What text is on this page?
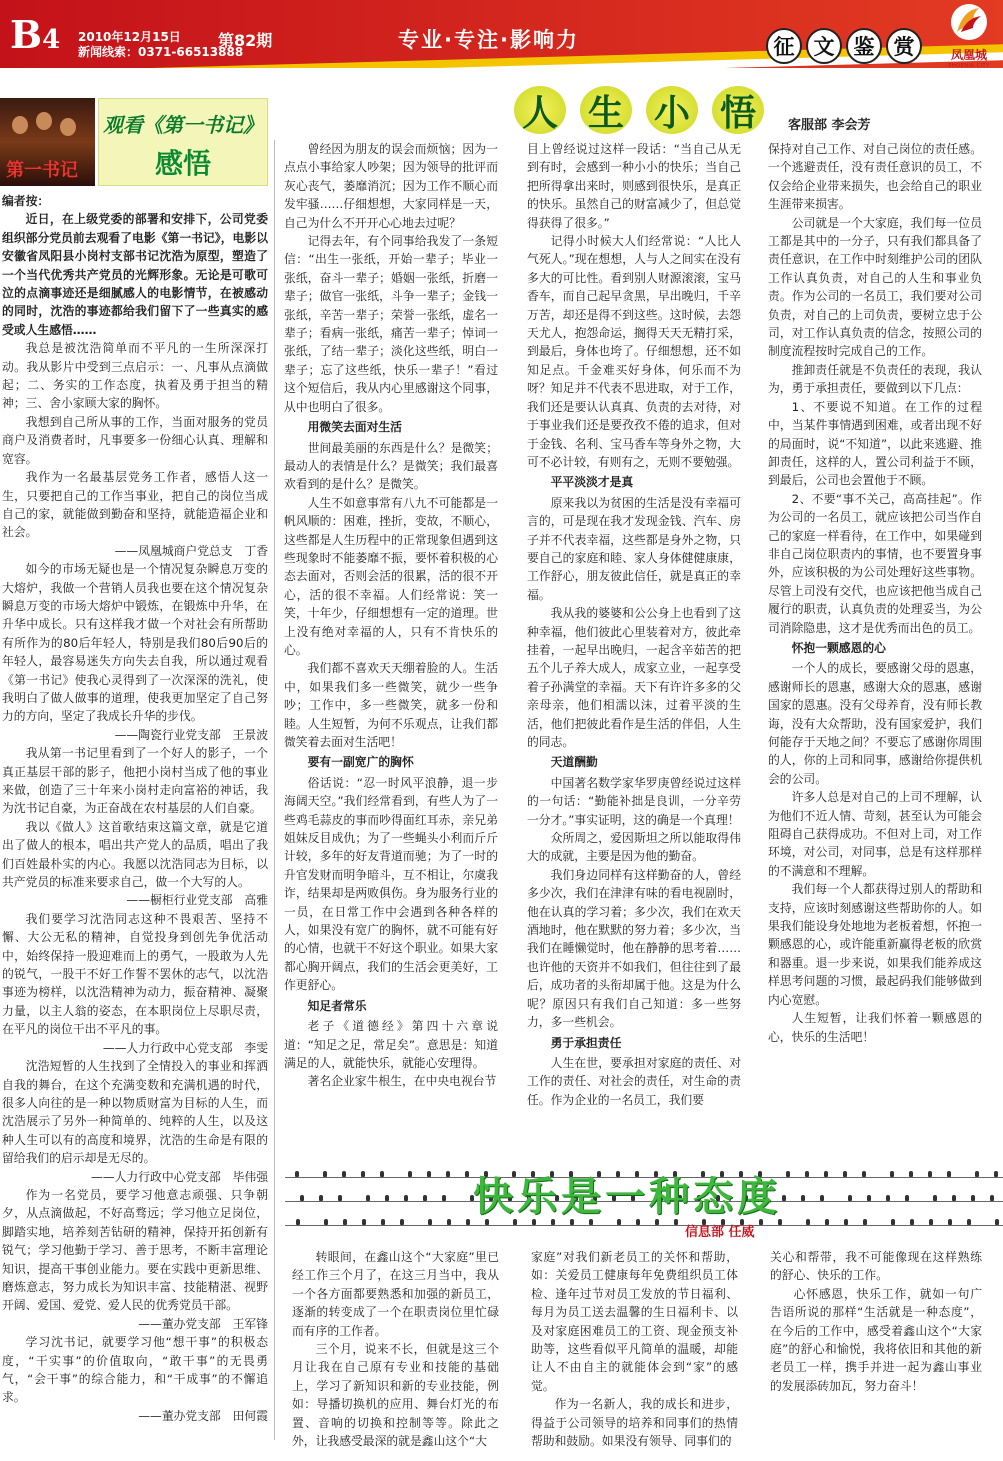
B4 2010年12月15日
新闻线索：0371-66513888
第82期	专业·专注·影响力	征 文 鉴 赏	凤凰城
PHOENIX CITY
第一书记
观看《第一书记》
感悟
编者按：

近日，在上级党委的部署和安排下，公司党委组织部分党员前去观看了电影《第一书记》，电影以安徽省凤阳县小岗村支部书记沈浩为原型，塑造了一个当代优秀共产党员的光辉形象。无论是可歌可泣的点滴事迹还是细腻感人的电影情节，在被感动的同时，沈浩的事迹都给我们留下了一些真实的感受或人生感悟……

我总是被沈浩简单而不平凡的一生所深深打动。我从影片中受到三点启示：一、凡事从点滴做起；二、务实的工作态度，执着及勇于担当的精神；三、舍小家顾大家的胸怀。

我想到自己所从事的工作，当面对服务的党员商户及消费者时，凡事要多一份细心认真、理解和宽容。

我作为一名最基层党务工作者，感悟人这一生，只要把自己的工作当事业，把自己的岗位当成自己的家，就能做到勤奋和坚持，就能造福企业和社会。

——凤凰城商户党总支　丁香

如今的市场无疑也是一个情况复杂瞬息万变的大熔炉，我做一个营销人员我也要在这个情况复杂瞬息万变的市场大熔炉中锻炼，在锻炼中升华，在升华中成长。只有这样我才做一个对社会有所帮助有所作为的80后年轻人，特别是我们80后90后的年轻人，最容易迷失方向失去自我，所以通过观看《第一书记》使我心灵得到了一次深深的洗礼，使我明白了做人做事的道理，使我更加坚定了自己努力的方向，坚定了我成长升华的步伐。

——陶瓷行业党支部　王景波

我从第一书记里看到了一个好人的影子，一个真正基层干部的影子，他把小岗村当成了他的事业来做，创造了三十年来小岗村走向富裕的神话，我为沈书记自豪，为正奋战在农村基层的人们自豪。

我以《做人》这首歌结束这篇文章，就是它道出了做人的根本，唱出共产党人的品质，唱出了我们百姓最朴实的内心。我愿以沈浩同志为目标，以共产党员的标准来要求自己，做一个大写的人。

——橱柜行业党支部　高雅

我们要学习沈浩同志这种不畏艰苦、坚持不懈、大公无私的精神，自觉投身到创先争优活动中，始终保持一股迎难而上的勇气，一股敢为人先的锐气，一股干不好工作誓不罢休的志气，以沈浩事迹为榜样，以沈浩精神为动力，振奋精神、凝聚力量，以主人翁的姿态，在本职岗位上尽职尽责，在平凡的岗位干出不平凡的事。

——人力行政中心党支部　李雯

沈浩短暂的人生找到了全情投入的事业和挥洒自我的舞台，在这个充满变数和充满机遇的时代，很多人向往的是一种以物质财富为目标的人生，而沈浩展示了另外一种简单的、纯粹的人生，以及这种人生可以有的高度和境界，沈浩的生命是有限的留给我们的启示却是无尽的。

——人力行政中心党支部　毕伟强

作为一名党员，要学习他意志顽强、只争朝夕，从点滴做起，不好高骛远；学习他立足岗位，脚踏实地，培养刻苦钻研的精神，保持开拓创新有锐气；学习他勤于学习、善于思考，不断丰富理论知识，提高干事创业能力。要在实践中更新思维、磨炼意志，努力成长为知识丰富、技能精湛、视野开阔、爱国、爱党、爱人民的优秀党员干部。

——董办党支部　王军锋

学习沈书记，就要学习他“想干事”的积极态度，“干实事”的价值取向，“敢干事”的无畏勇气，“会干事”的综合能力，和“干成事”的不懈追求。

——董办党支部　田何霞

人 生 小 悟	客服部 李会芳

曾经因为朋友的误会而烦恼；因为一点点小事给家人吵架；因为领导的批评而灰心丧气，萎靡消沉；因为工作不顺心而发牢骚……仔细想想，大家同样是一天，自己为什么不开开心心地去过呢？

记得去年，有个同事给我发了一条短信：“出生一张纸，开始一辈子；毕业一张纸，奋斗一辈子；婚姻一张纸，折磨一辈子；做官一张纸，斗争一辈子；金钱一张纸，辛苦一辈子；荣誉一张纸，虚名一辈子；看病一张纸，痛苦一辈子；悼词一张纸，了结一辈子；淡化这些纸，明白一辈子；忘了这些纸，快乐一辈子！”看过这个短信后，我从内心里感谢这个同事，从中也明白了很多。

用微笑去面对生活

世间最美丽的东西是什么？是微笑；最动人的表情是什么？是微笑；我们最喜欢看到的是什么？是微笑。

人生不如意事常有八九不可能都是一帆风顺的：困难，挫折，变故，不顺心，这些都是人生历程中的正常现象但遇到这些现象时不能萎靡不振，要怀着积极的心态去面对，否则会活的很累，活的很不开心，活的很不幸福。人们经常说：笑一笑，十年少，仔细想想有一定的道理。世上没有绝对幸福的人，只有不肯快乐的心。

我们都不喜欢天天绷着脸的人。生活中，如果我们多一些微笑，就少一些争吵；工作中，多一些微笑，就多一份和睦。人生短暂，为何不乐观点，让我们都微笑着去面对生活吧！

要有一副宽广的胸怀

俗话说：“忍一时风平浪静，退一步海阔天空。”我们经常看到，有些人为了一些鸡毛蒜皮的事而吵得面红耳赤，亲兄弟姐妹反目成仇；为了一些蝇头小利而斤斤计较，多年的好友背道而驰；为了一时的升官发财而明争暗斗，互不相让，尔虞我诈，结果却是两败俱伤。身为服务行业的一员，在日常工作中会遇到各种各样的人，如果没有宽广的胸怀，就不可能有好的心情，也就干不好这个职业。如果大家都心胸开阔点，我们的生活会更美好，工作更舒心。

知足者常乐

老子《道德经》第四十六章说道：“知足之足，常足矣”。意思是：知道满足的人，就能快乐，就能心安理得。

著名企业家牛根生，在中央电视台节

目上曾经说过这样一段话：“当自己从无到有时，会感到一种小小的快乐；当自己把所得拿出来时，则感到很快乐，是真正的快乐。虽然自己的财富减少了，但总觉得获得了很多。”

记得小时候大人们经常说：“人比人气死人。”现在想想，人与人之间实在没有多大的可比性。看到别人财源滚滚，宝马香车，而自己起早贪黑，早出晚归，千辛万苦，却还是得不到这些。这时候，去怨天尤人，抱怨命运，搁得天天无精打采，到最后，身体也垮了。仔细想想，还不如知足点。千金难买好身体，何乐而不为呀？知足并不代表不思进取，对于工作，我们还是要认认真真、负责的去对待，对于事业我们还是要孜孜不倦的追求，但对于金钱、名利、宝马香车等身外之物，大可不必计较，有则有之，无则不要勉强。

平平淡淡才是真

原来我以为贫困的生活是没有幸福可言的，可是现在我才发现金钱、汽车、房子并不代表幸福，这些都是身外之物，只要自己的家庭和睦、家人身体健健康康，工作舒心，朋友彼此信任，就是真正的幸福。

我从我的婆婆和公公身上也看到了这种幸福，他们彼此心里装着对方，彼此牵挂着，一起早出晚归，一起含辛茹苦的把五个儿子养大成人，成家立业，一起享受着子孙满堂的幸福。天下有许许多多的父亲母亲，他们相濡以沫，过着平淡的生活，他们把彼此看作是生活的伴侣，人生的同志。

天道酬勤

中国著名数学家华罗庚曾经说过这样的一句话：“勤能补拙是良训，一分辛劳一分才。”事实证明，这的确是一个真理！

众所周之，爱因斯坦之所以能取得伟大的成就，主要是因为他的勤奋。

我们身边同样有这样勤奋的人，曾经多少次，我们在津津有味的看电视剧时，他在认真的学习着；多少次，我们在欢天酒地时，他在默默的努力着；多少次，当我们在睡懒觉时，他在静静的思考着……也许他的天资并不如我们，但往往到了最后，成功者的头衔却属于他。这是为什么呢？原因只有我们自己知道：多一些努力，多一些机会。

勇于承担责任

人生在世，要承担对家庭的责任、对工作的责任、对社会的责任，对生命的责任。作为企业的一名员工，我们要

保持对自己工作、对自己岗位的责任感。一个逃避责任，没有责任意识的员工，不仅会给企业带来损失，也会给自己的职业生涯带来损害。

公司就是一个大家庭，我们每一位员工都是其中的一分子，只有我们都具备了责任意识，在工作中时刻维护公司的团队工作认真负责，对自己的人生和事业负责。作为公司的一名员工，我们要对公司负责，对自己的上司负责，要树立忠于公司，对工作认真负责的信念，按照公司的制度流程按时完成自己的工作。

推卸责任就是不负责任的表现，我认为，勇于承担责任，要做到以下几点：

1、不要说不知道。在工作的过程中，当某件事情遇到困难，或者出现不好的局面时，说“不知道”，以此来逃避、推卸责任，这样的人，置公司利益于不顾，到最后，公司也会置他于不顾。

2、不要“事不关己，高高挂起”。作为公司的一名员工，就应该把公司当作自己的家庭一样看待，在工作中，如果碰到非自己岗位职责内的事情，也不要置身事外，应该积极的为公司处理好这些事物。尽管上司没有交代，也应该把他当成自己履行的职责，认真负责的处理妥当，为公司消除隐患，这才是优秀而出色的员工。

怀抱一颗感恩的心

一个人的成长，要感谢父母的恩惠，感谢师长的恩惠，感谢大众的恩惠，感谢国家的恩惠。没有父母养育，没有师长教诲，没有大众帮助，没有国家爱护，我们何能存于天地之间？不要忘了感谢你周围的人，你的上司和同事，感谢给你提供机会的公司。

许多人总是对自己的上司不理解，认为他们不近人情、苛刻，甚至认为可能会阻碍自己获得成功。不但对上司，对工作环境，对公司，对同事，总是有这样那样的不满意和不理解。

我们每一个人都获得过别人的帮助和支持，应该时刻感谢这些帮助你的人。如果我们能设身处地地为老板着想，怀抱一颗感恩的心，或许能重新赢得老板的欣赏和器重。退一步来说，如果我们能养成这样思考问题的习惯，最起码我们能够做到内心宽慰。

人生短暂，让我们怀着一颗感恩的心，快乐的生活吧！

快乐是一种态度
信息部 任威

转眼间，在鑫山这个“大家庭”里已经工作三个月了，在这三月当中，我从一个各方面都要熟悉和加强的新员工，逐渐的转变成了一个在职责岗位里忙碌而有序的工作者。

三个月，说来不长，但就是这三个月让我在自己原有专业和技能的基础上，学习了新知识和新的专业技能，例如：导播切换机的应用、舞台灯光的布置、音响的切换和控制等等。除此之外，让我感受最深的就是鑫山这个“大

家庭”对我们新老员工的关怀和帮助，如：关爱员工健康每年免费组织员工体检、逢年过节对员工发放的节日福利、每月为员工送去温馨的生日福利卡、以及对家庭困难员工的工资、现金预支补助等，这些看似平凡简单的温暖，却能让人不由自主的就能体会到“家”的感觉。

作为一名新人，我的成长和进步，得益于公司领导的培养和同事们的热情帮助和鼓励。如果没有领导、同事们的

关心和帮带，我不可能像现在这样熟练的舒心、快乐的工作。

心怀感恩，快乐工作，就如一句广告语所说的那样“生活就是一种态度”，在今后的工作中，感受着鑫山这个“大家庭”的舒心和愉悦，我将依旧和其他的新老员工一样，携手并进一起为鑫山事业的发展添砖加瓦，努力奋斗！
